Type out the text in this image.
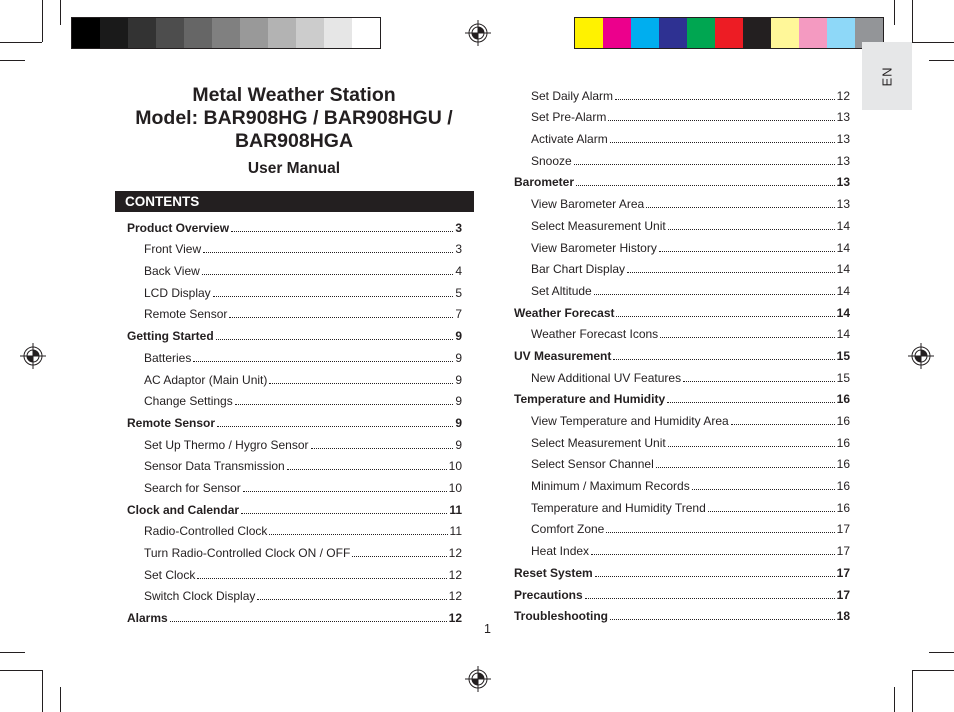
EN
Metal Weather Station
Model: BAR908HG / BAR908HGU /
BAR908HGA
User Manual
CONTENTS
Product Overview	3
Front View	3
Back View	4
LCD Display	5
Remote Sensor	7
Getting Started	9
Batteries	9
AC Adaptor (Main Unit)	9
Change Settings	9
Remote Sensor	9
Set Up Thermo / Hygro Sensor	9
Sensor Data Transmission	10
Search for Sensor	10
Clock and Calendar	11
Radio-Controlled Clock	11
Turn Radio-Controlled Clock ON / OFF	12
Set Clock	12
Switch Clock Display	12
Alarms	12
Set Daily Alarm	12
Set Pre-Alarm	13
Activate Alarm	13
Snooze	13
Barometer	13
View Barometer Area	13
Select Measurement Unit	14
View Barometer History	14
Bar Chart Display	14
Set Altitude	14
Weather Forecast	14
Weather Forecast Icons	14
UV Measurement	15
New Additional UV Features	15
Temperature and Humidity	16
View Temperature and Humidity Area	16
Select Measurement Unit	16
Select Sensor Channel	16
Minimum / Maximum Records	16
Temperature and Humidity Trend	16
Comfort Zone	17
Heat Index	17
Reset System	17
Precautions	17
Troubleshooting	18
1
